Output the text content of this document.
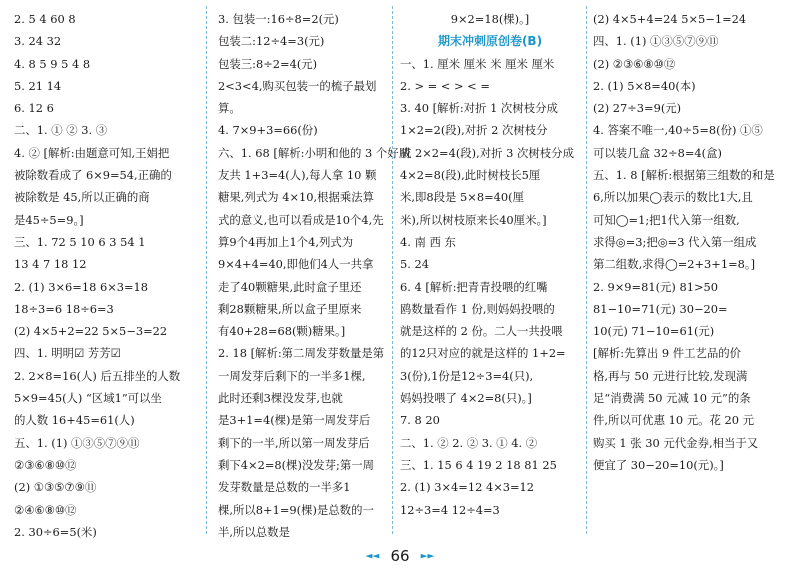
2. 5 4 60 8
3. 24 32
4. 8 5 9 5 4 8
5. 21 14
6. 12 6
二、1. ① ② 3. ③
4. ② [解析:由题意可知,王娟把
被除数看成了 6×9=54,正确的
被除数是 45,所以正确的商
是45÷5=9。]
三、1. 72 5 10 6 3 54 1
13 4 7 18 12
2. (1) 3×6=18 6×3=18
18÷3=6 18÷6=3
(2) 4×5+2=22 5×5−3=22
四、1. 明明☑ 芳芳☑
2. 2×8=16(人) 后五排坐的人数
5×9=45(人) “区域1”可以坐
的人数 16+45=61(人)
五、1. (1) ①③⑤⑦⑨⑪
②③⑥⑧⑩⑫
(2) ①③⑤⑦⑨⑪
②④⑥⑧⑩⑫
2. 30÷6=5(米)
3. 包装一:16÷8=2(元)
包装二:12÷4=3(元)
包装三:8÷2=4(元)
2<3<4,购买包装一的梳子最划
算。
4. 7×9+3=66(份)
六、1. 68 [解析:小明和他的 3 个好朋
友共 1+3=4(人),每人拿 10 颗
糖果,列式为 4×10,根据乘法算
式的意义,也可以看成是10个4,先
算9个4再加上1个4,列式为
9×4+4=40,即他们4人一共拿
走了40颗糖果,此时盒子里还
剩28颗糖果,所以盒子里原来
有40+28=68(颗)糖果。]
2. 18 [解析:第二周发芽数量是第
一周发芽后剩下的一半多1棵,
此时还剩3棵没发芽,也就
是3+1=4(棵)是第一周发芽后
剩下的一半,所以第一周发芽后
剩下4×2=8(棵)没发芽;第一周
发芽数量是总数的一半多1
棵,所以8+1=9(棵)是总数的一半,所以总数是
9×2=18(棵)。]
期末冲刺原创卷(B)
一、1. 厘米 厘米 米 厘米 厘米
2. > = < > < =
3. 40 [解析:对折 1 次树枝分成
1×2=2(段),对折 2 次树枝分
成 2×2=4(段),对折 3 次树枝分成
4×2=8(段),此时树枝长5厘
米,即8段是 5×8=40(厘
米),所以树枝原来长40厘米。]
4. 南 西 东
5. 24
6. 4 [解析:把青青投喂的红嘴
鸥数量看作 1 份,则妈妈投喂的
就是这样的 2 份。二人一共投喂
的12只对应的就是这样的 1+2=
3(份),1份是12÷3=4(只),
妈妈投喂了 4×2=8(只)。]
7. 8 20
二、1. ② 2. ② 3. ① 4. ②
三、1. 15 6 4 19 2 18 81 25
2. (1) 3×4=12 4×3=12
12÷3=4 12÷4=3
(2) 4×5+4=24 5×5−1=24
四、1. (1) ①③⑤⑦⑨⑪
(2) ②③⑥⑧⑩⑫
2. (1) 5×8=40(本)
(2) 27÷3=9(元)
4. 答案不唯一,40÷5=8(份) ①⑤
可以装几盒 32÷8=4(盒)
五、1. 8 [解析:根据第三组数的和是
6,所以加果◯表示的数比1大,且
可知◯=1;把1代入第一组数,
求得◎=3;把◎=3 代入第一组成
第二组数,求得◯=2+3+1=8。]
2. 9×9=81(元) 81>50
81−10=71(元) 30−20=
10(元) 71−10=61(元)
[解析:先算出 9 件工艺品的价
格,再与 50 元进行比较,发现满
足“消费满 50 元减 10 元”的条
件,所以可优惠 10 元。花 20 元
购买 1 张 30 元代金券,相当于又
便宜了 30−20=10(元)。]
◄◄ 66 ►►
